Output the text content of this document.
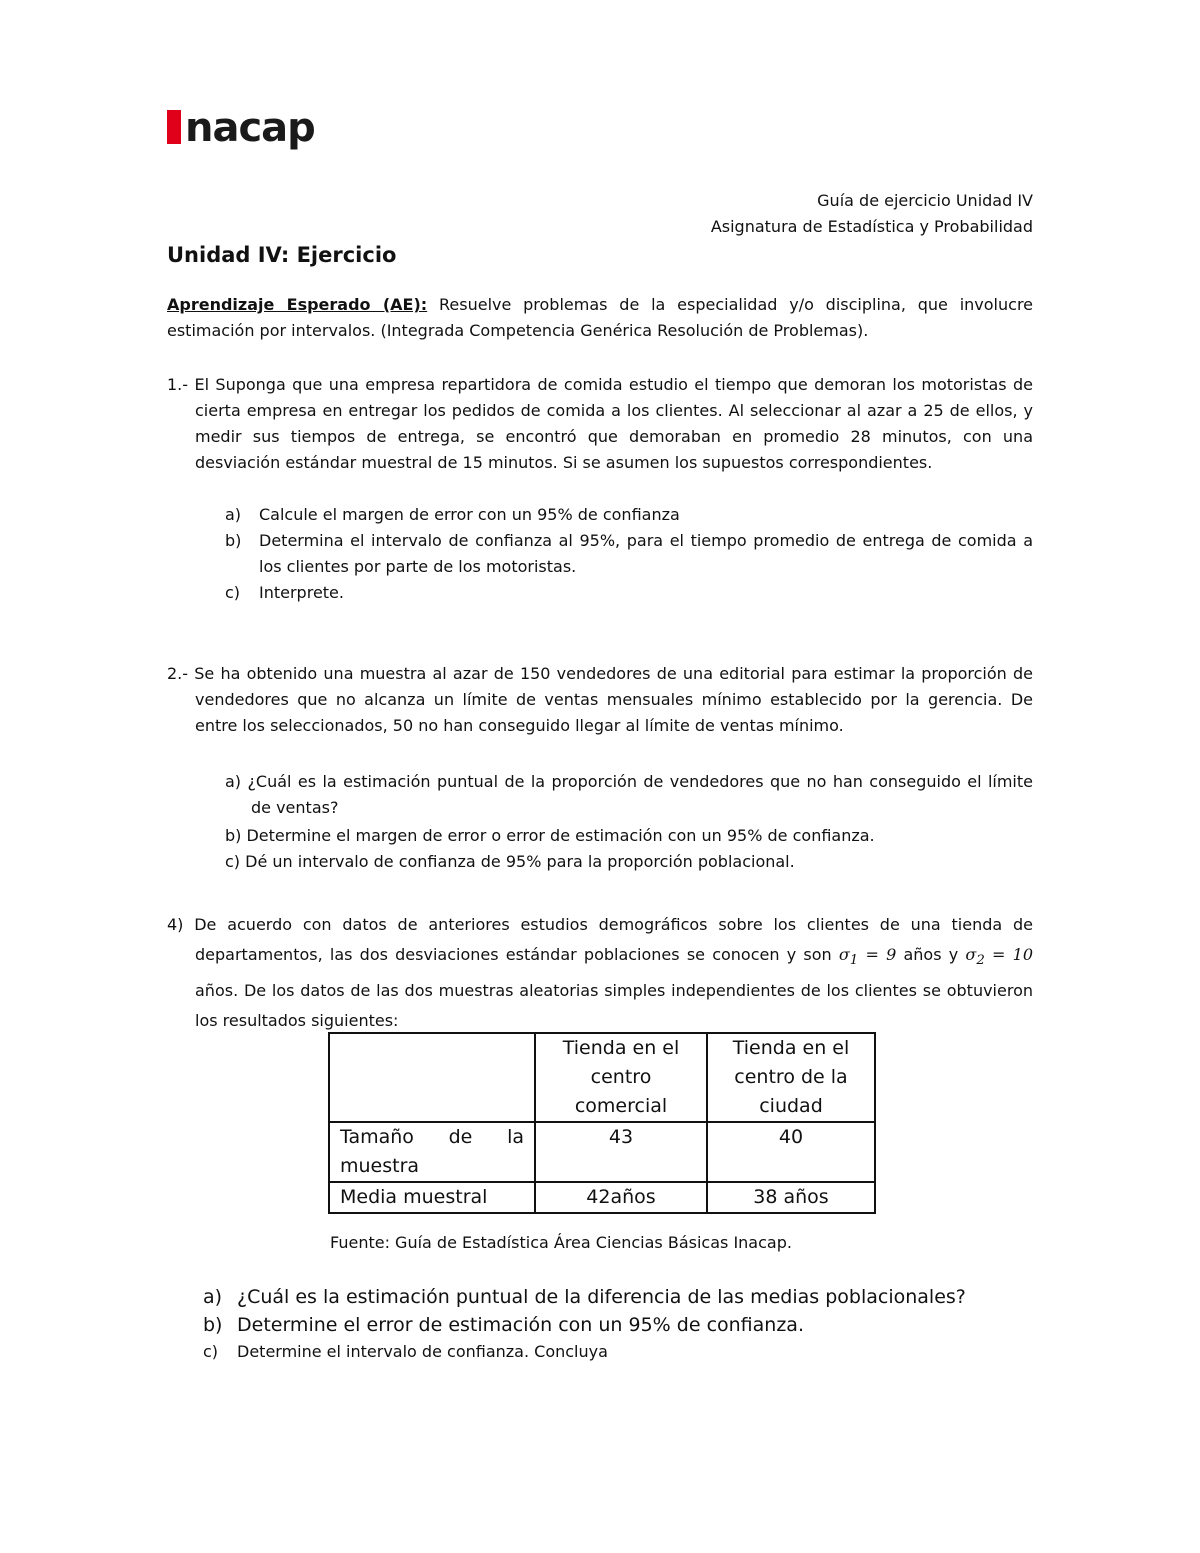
nacap
Guía de ejercicio Unidad IV
Asignatura de Estadística y Probabilidad
Unidad IV: Ejercicio
Aprendizaje Esperado (AE): Resuelve problemas de la especialidad y/o disciplina, que involucre estimación por intervalos. (Integrada Competencia Genérica Resolución de Problemas).
1.- El Suponga que una empresa repartidora de comida estudio el tiempo que demoran los motoristas de cierta empresa en entregar los pedidos de comida a los clientes. Al seleccionar al azar a 25 de ellos, y medir sus tiempos de entrega, se encontró que demoraban en promedio 28 minutos, con una desviación estándar muestral de 15 minutos. Si se asumen los supuestos correspondientes.
a) Calcule el margen de error con un 95% de confianza
b) Determina el intervalo de confianza al 95%, para el tiempo promedio de entrega de comida a los clientes por parte de los motoristas.
c) Interprete.
2.- Se ha obtenido una muestra al azar de 150 vendedores de una editorial para estimar la proporción de vendedores que no alcanza un límite de ventas mensuales mínimo establecido por la gerencia. De entre los seleccionados, 50 no han conseguido llegar al límite de ventas mínimo.
a) ¿Cuál es la estimación puntual de la proporción de vendedores que no han conseguido el límite de ventas?
b) Determine el margen de error o error de estimación con un 95% de confianza.
c) Dé un intervalo de confianza de 95% para la proporción poblacional.
4) De acuerdo con datos de anteriores estudios demográficos sobre los clientes de una tienda de departamentos, las dos desviaciones estándar poblaciones se conocen y son $\sigma_1 = 9$ años y $\sigma_2 = 10$ años. De los datos de las dos muestras aleatorias simples independientes de los clientes se obtuvieron los resultados siguientes:
	Tienda en el centro comercial	Tienda en el centro de la ciudad
Tamaño de la muestra	43	40
Media muestral	42años	38 años
Fuente: Guía de Estadística Área Ciencias Básicas Inacap.
a) ¿Cuál es la estimación puntual de la diferencia de las medias poblacionales?
b) Determine el error de estimación con un 95% de confianza.
c) Determine el intervalo de confianza. Concluya
